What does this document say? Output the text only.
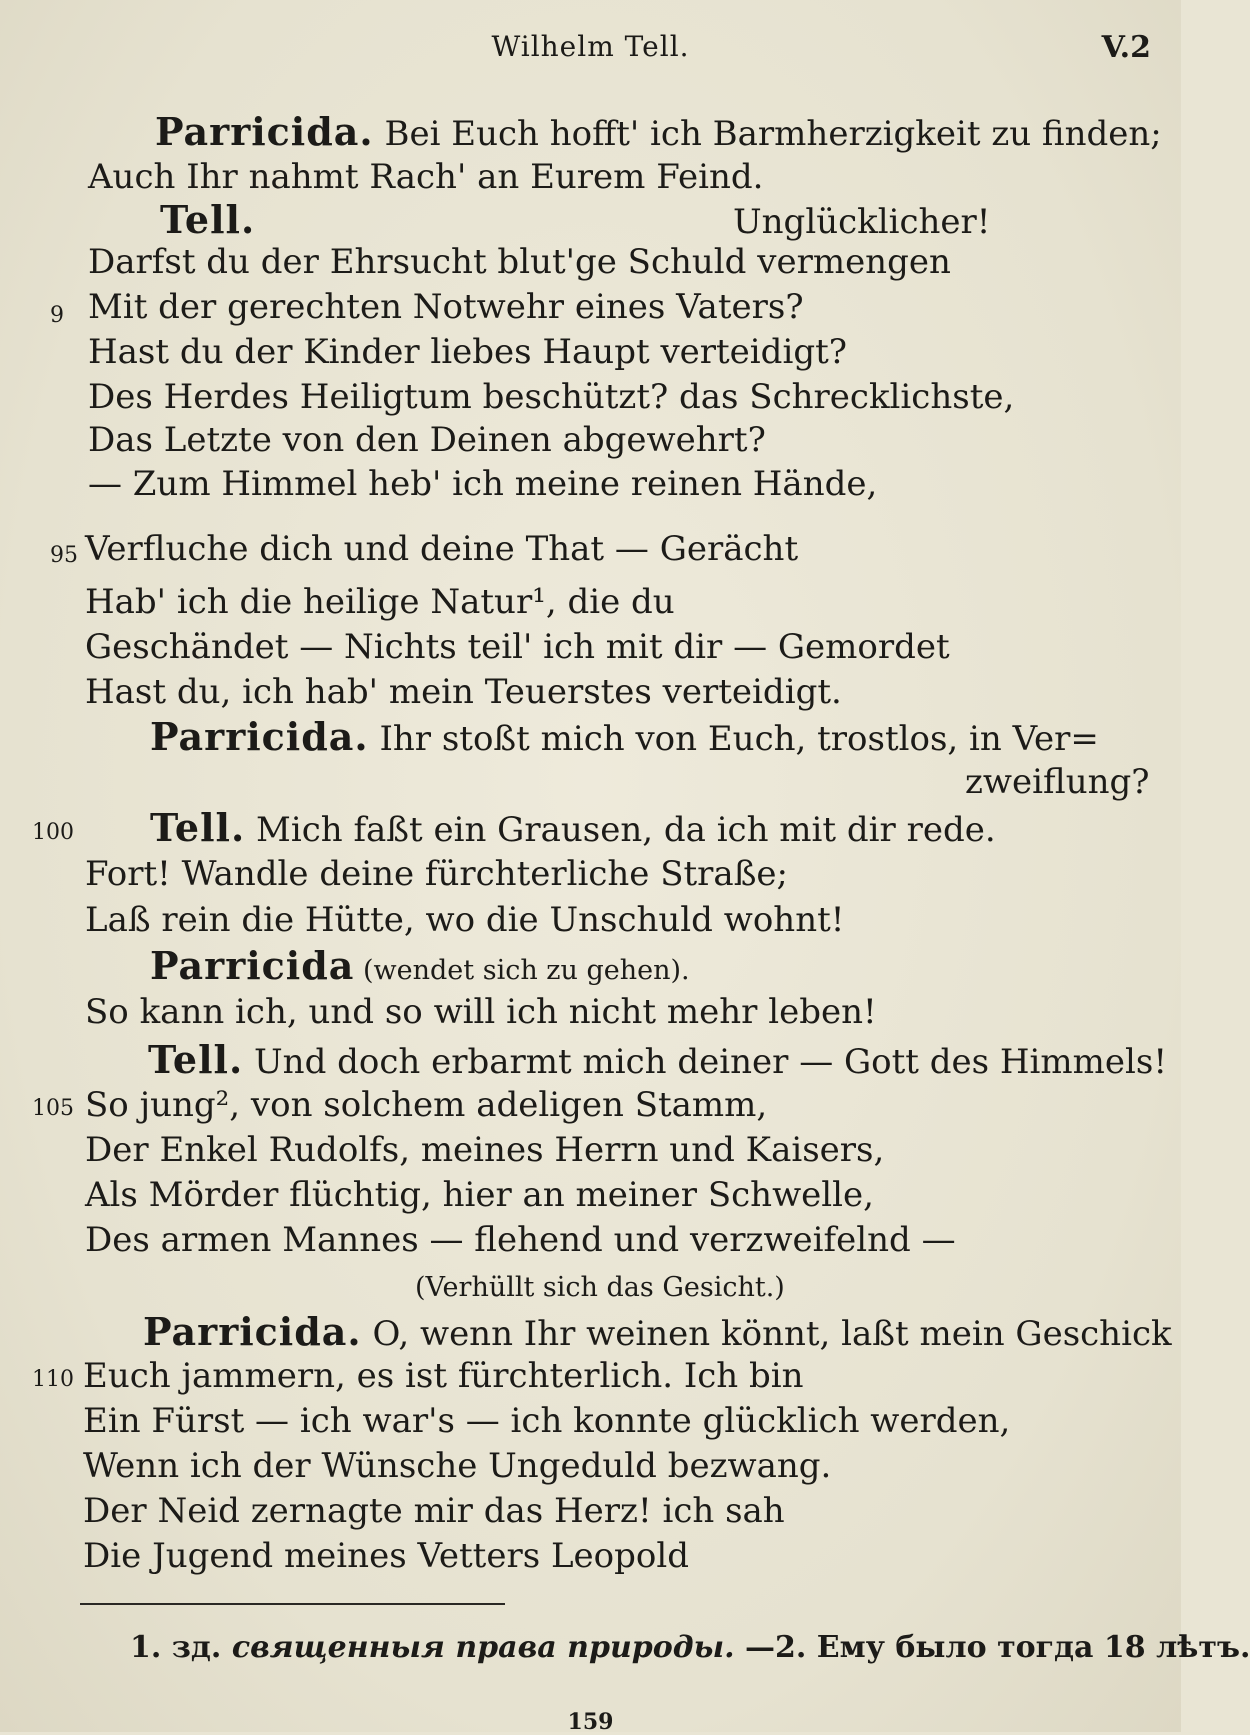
Wilhelm Tell.	V.2
Parricida. Bei Euch hofft' ich Barmherzigkeit zu finden;
Auch Ihr nahmt Rach' an Eurem Feind.
Tell.	Unglücklicher!
Darfst du der Ehrsucht blut'ge Schuld vermengen
9 Mit der gerechten Notwehr eines Vaters?
Hast du der Kinder liebes Haupt verteidigt?
Des Herdes Heiligtum beschützt? das Schrecklichste,
Das Letzte von den Deinen abgewehrt?
— Zum Himmel heb' ich meine reinen Hände,
95 Verfluche dich und deine That — Gerächt
Hab' ich die heilige Natur¹, die du
Geschändet — Nichts teil' ich mit dir — Gemordet
Hast du, ich hab' mein Teuerstes verteidigt.
Parricida. Ihr stoßt mich von Euch, trostlos, in Ver=
zweiflung?
100	Tell. Mich faßt ein Grausen, da ich mit dir rede.
Fort! Wandle deine fürchterliche Straße;
Laß rein die Hütte, wo die Unschuld wohnt!
Parricida (wendet sich zu gehen).
So kann ich, und so will ich nicht mehr leben!
Tell. Und doch erbarmt mich deiner — Gott des Himmels!
105 So jung², von solchem adeligen Stamm,
Der Enkel Rudolfs, meines Herrn und Kaisers,
Als Mörder flüchtig, hier an meiner Schwelle,
Des armen Mannes — flehend und verzweifelnd —
(Verhüllt sich das Gesicht.)
Parricida. O, wenn Ihr weinen könnt, laßt mein Geschick
110 Euch jammern, es ist fürchterlich. Ich bin
Ein Fürst — ich war's — ich konnte glücklich werden,
Wenn ich der Wünsche Ungeduld bezwang.
Der Neid zernagte mir das Herz! ich sah
Die Jugend meines Vetters Leopold
1. зд. священныя права природы. —2. Ему было тогда 18 лѣтъ.
159
